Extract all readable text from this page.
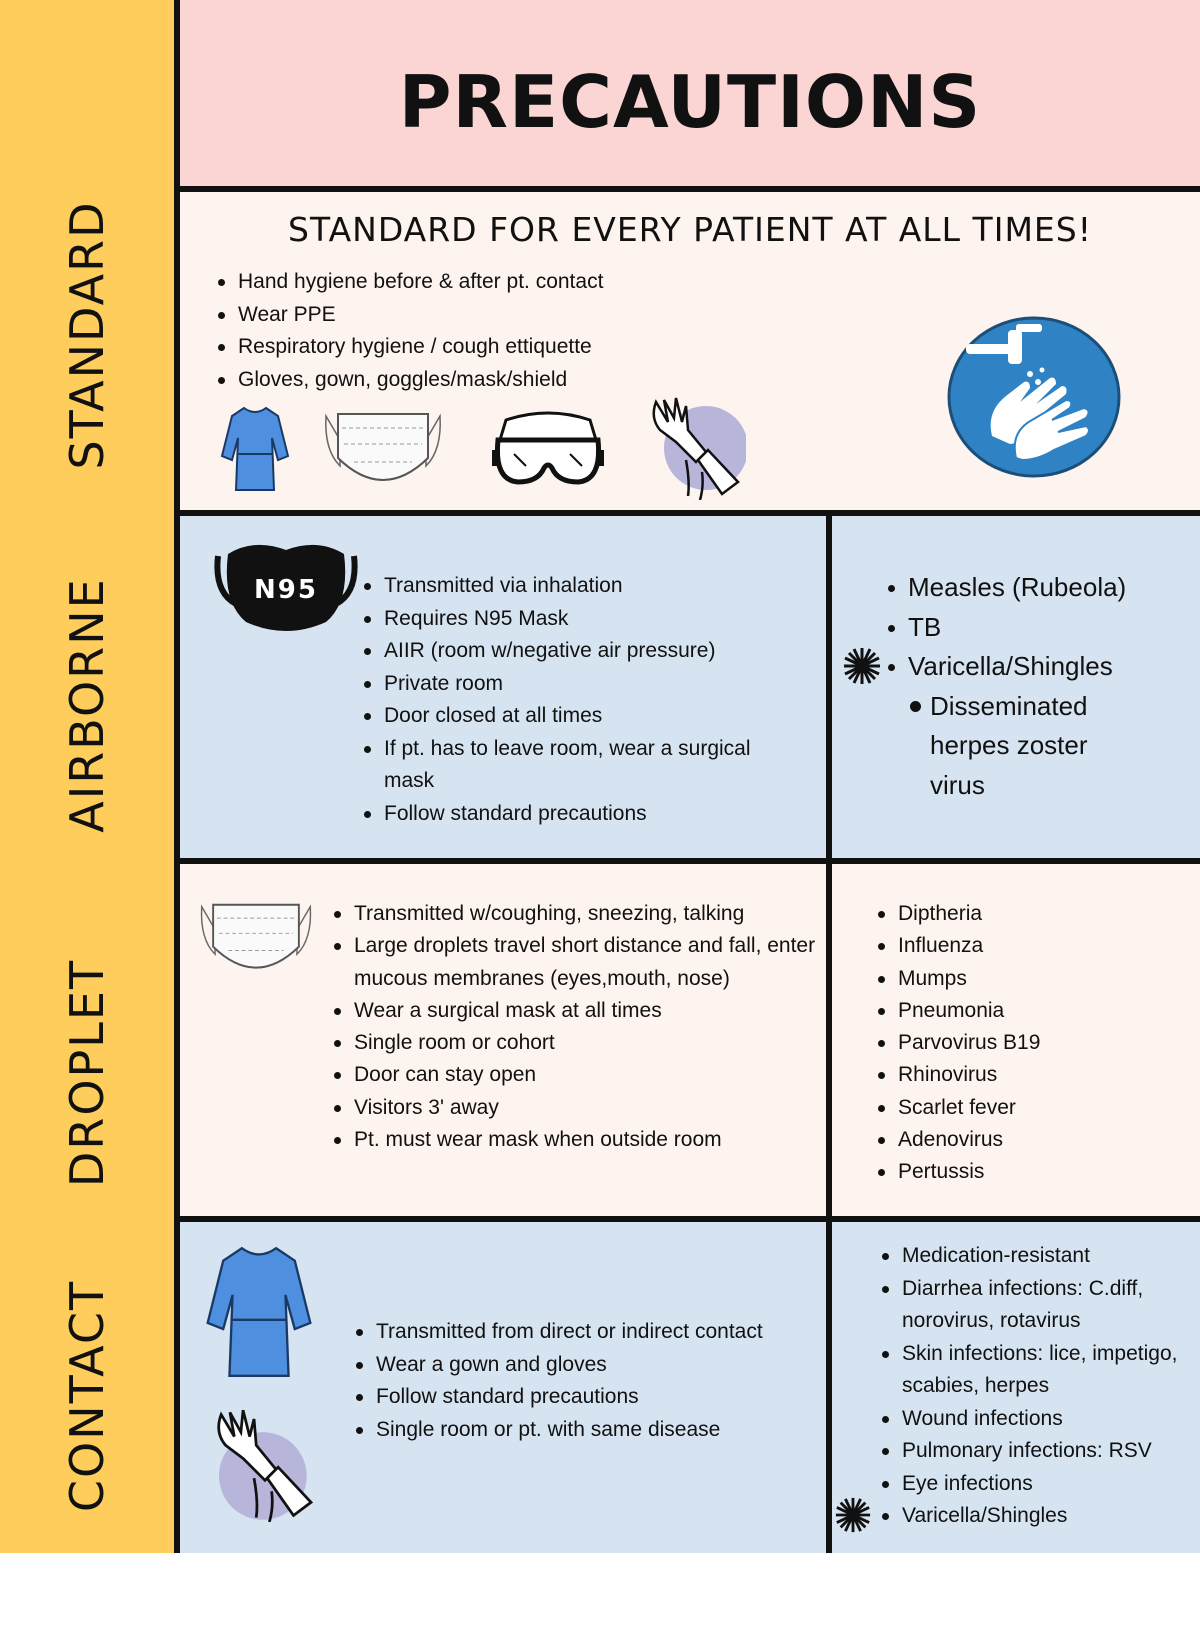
STANDARD
AIRBORNE
DROPLET
CONTACT
PRECAUTIONS
STANDARD FOR EVERY PATIENT AT ALL TIMES!
Hand hygiene before & after pt. contact
Wear PPE
Respiratory hygiene / cough ettiquette
Gloves, gown, goggles/mask/shield
N95	Transmitted via inhalation
Requires N95 Mask
AIIR (room w/negative air pressure)
Private room
Door closed at all times
If pt. has to leave room, wear a surgical mask
Follow standard precautions
Measles (Rubeola)
TB
Varicella/Shingles
Disseminated herpes zoster virus
Transmitted w/coughing, sneezing, talking
Large droplets travel short distance and fall, enter mucous membranes (eyes,mouth, nose)
Wear a surgical mask at all times
Single room or cohort
Door can stay open
Visitors 3' away
Pt. must wear mask when outside room
Diptheria
Influenza
Mumps
Pneumonia
Parvovirus B19
Rhinovirus
Scarlet fever
Adenovirus
Pertussis
Transmitted from direct or indirect contact
Wear a gown and gloves
Follow standard precautions
Single room or pt. with same disease
Medication-resistant
Diarrhea infections: C.diff, norovirus, rotavirus
Skin infections: lice, impetigo, scabies, herpes
Wound infections
Pulmonary infections: RSV
Eye infections
Varicella/Shingles
